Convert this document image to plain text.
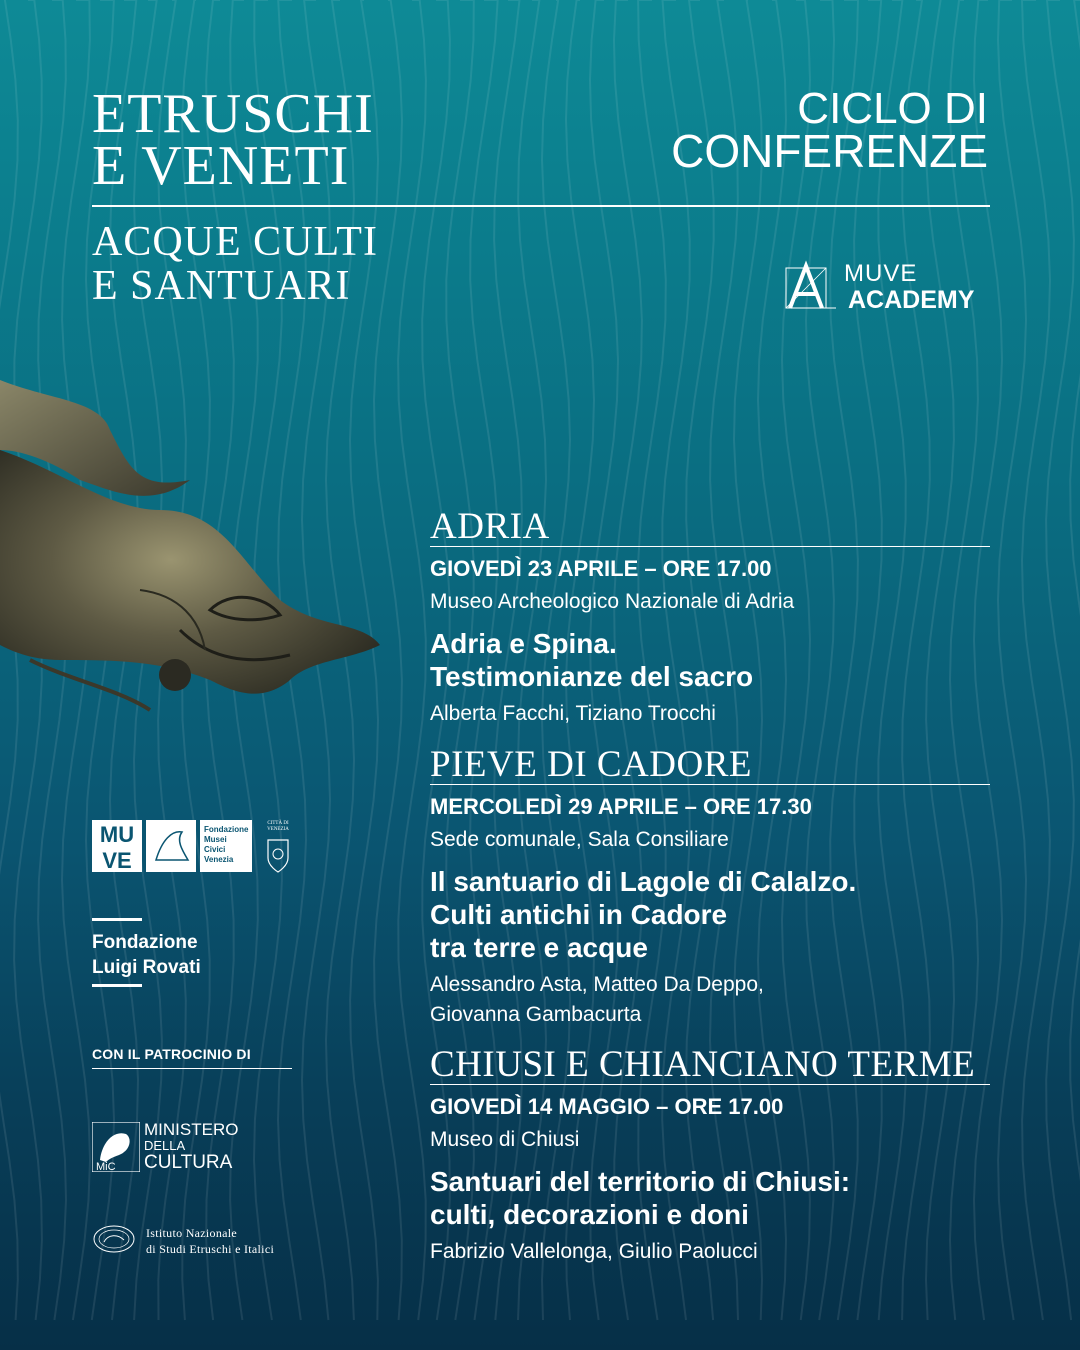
ETRUSCHI
E VENETI
ACQUE CULTI
E SANTUARI
CICLO DI
CONFERENZE
MUVE
ACADEMY
MU
VE
Fondazione
Musei
Civici
Venezia
CITTÀ DI
VENEZIA
Fondazione
Luigi Rovati
CON IL PATROCINIO DI
MiC
MINISTERO
DELLA
CULTURA
Istituto Nazionale
di Studi Etruschi e Italici
ADRIA
GIOVEDÌ 23 APRILE – ORE 17.00
Museo Archeologico Nazionale di Adria
Adria e Spina.
Testimonianze del sacro
Alberta Facchi, Tiziano Trocchi
PIEVE DI CADORE
MERCOLEDÌ 29 APRILE – ORE 17.30
Sede comunale, Sala Consiliare
Il santuario di Lagole di Calalzo.
Culti antichi in Cadore
tra terre e acque
Alessandro Asta, Matteo Da Deppo,
Giovanna Gambacurta
CHIUSI E CHIANCIANO TERME
GIOVEDÌ 14 MAGGIO – ORE 17.00
Museo di Chiusi
Santuari del territorio di Chiusi:
culti, decorazioni e doni
Fabrizio Vallelonga, Giulio Paolucci
